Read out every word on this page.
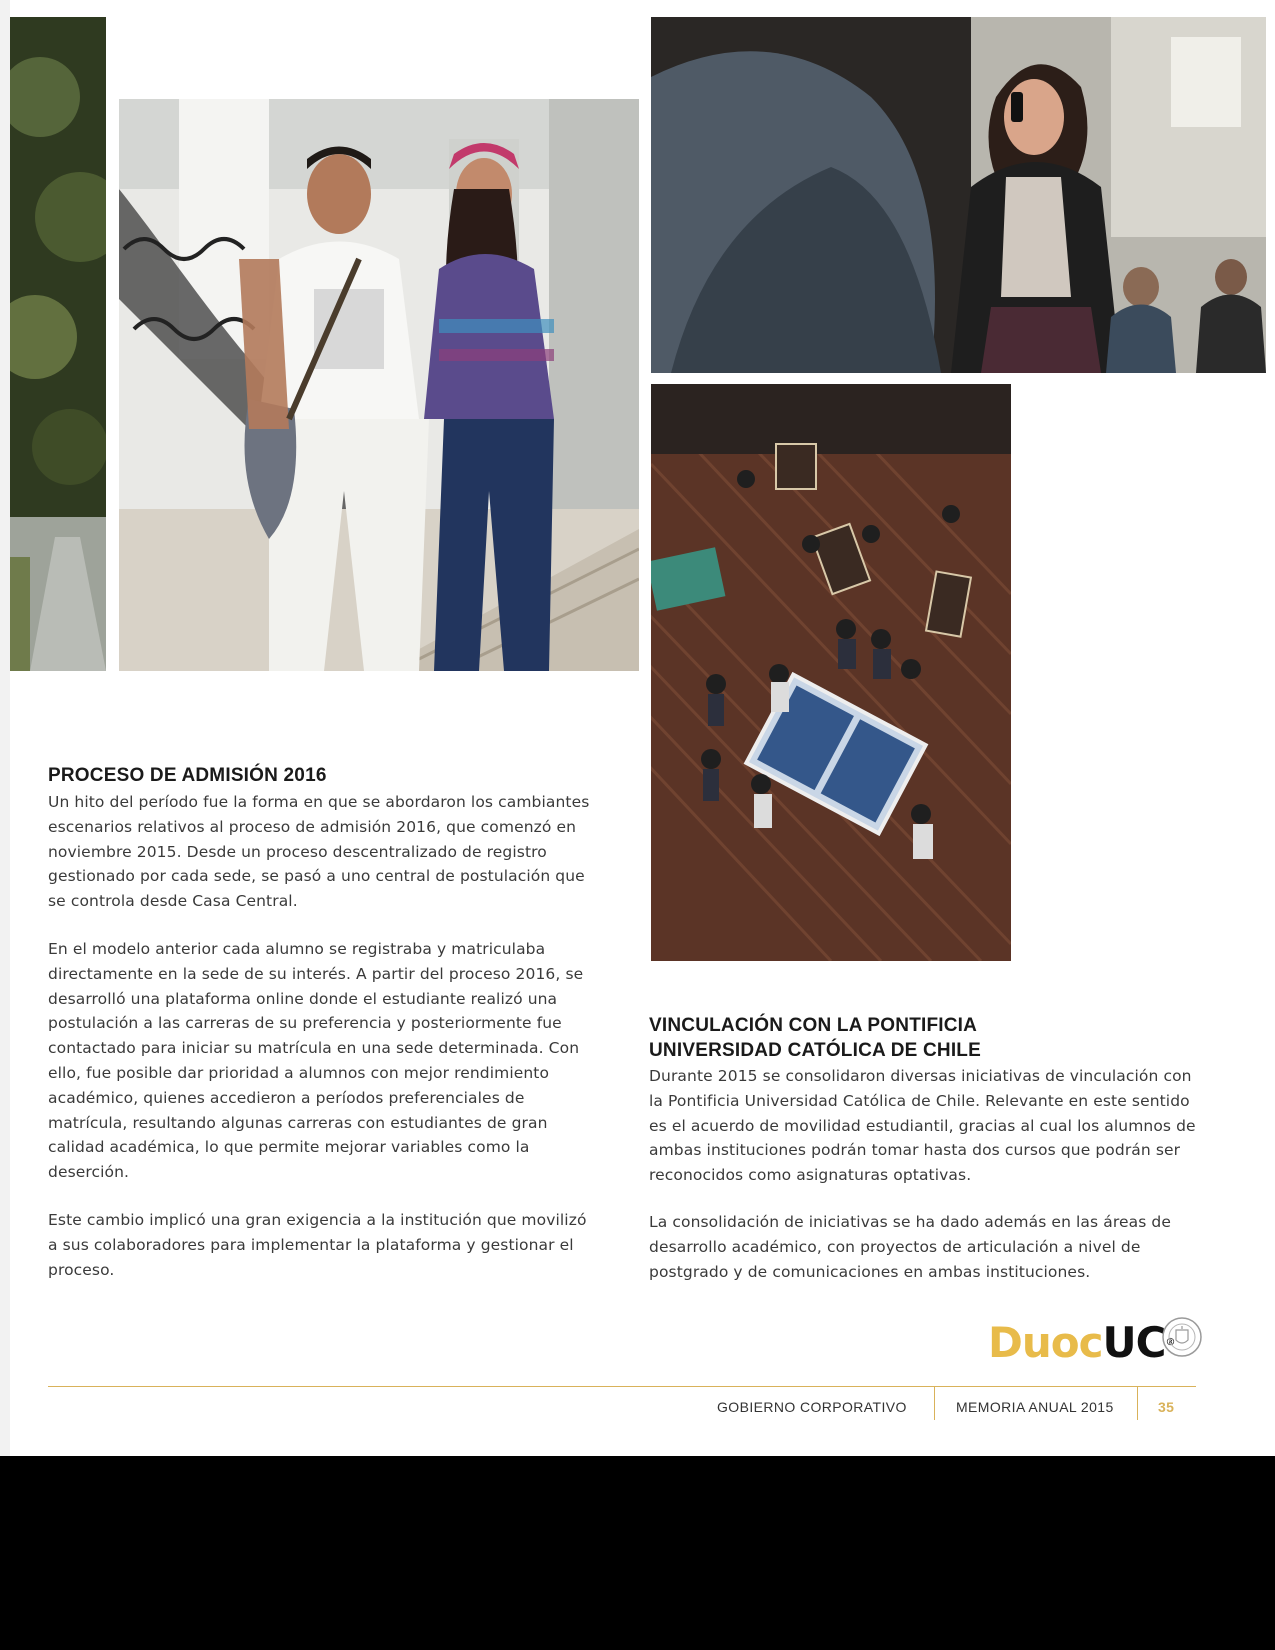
PROCESO DE ADMISIÓN 2016

Un hito del período fue la forma en que se abordaron los cambiantes escenarios relativos al proceso de admisión 2016, que comenzó en noviembre 2015. Desde un proceso descentralizado de registro gestionado por cada sede, se pasó a uno central de postulación que se controla desde Casa Central.

En el modelo anterior cada alumno se registraba y matriculaba directamente en la sede de su interés. A partir del proceso 2016, se desarrolló una plataforma online donde el estudiante realizó una postulación a las carreras de su preferencia y posteriormente fue contactado para iniciar su matrícula en una sede determinada. Con ello, fue posible dar prioridad a alumnos con mejor rendimiento académico, quienes accedieron a períodos preferenciales de matrícula, resultando algunas carreras con estudiantes de gran calidad académica, lo que permite mejorar variables como la deserción.

Este cambio implicó una gran exigencia a la institución que movilizó a sus colaboradores para implementar la plataforma y gestionar el proceso.

VINCULACIÓN CON LA PONTIFICIA
UNIVERSIDAD CATÓLICA DE CHILE

Durante 2015 se consolidaron diversas iniciativas de vinculación con la Pontificia Universidad Católica de Chile. Relevante en este sentido es el acuerdo de movilidad estudiantil, gracias al cual los alumnos de ambas instituciones podrán tomar hasta dos cursos que podrán ser reconocidos como asignaturas optativas.

La consolidación de iniciativas se ha dado además en las áreas de desarrollo académico, con proyectos de articulación a nivel de postgrado y de comunicaciones en ambas instituciones.

DuocUC®
GOBIERNO CORPORATIVO	MEMORIA ANUAL 2015	35
